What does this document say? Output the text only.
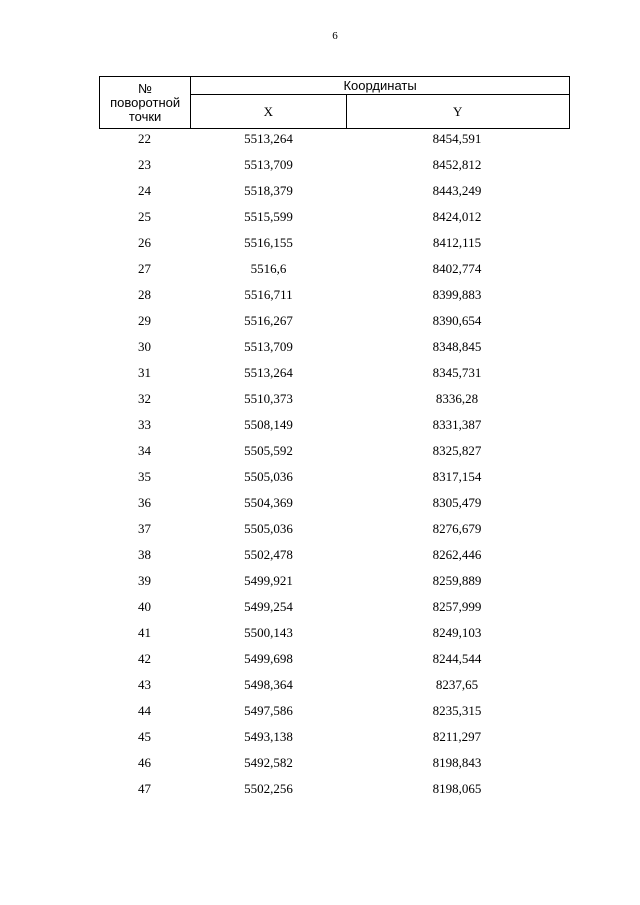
6
№
поворотной
точки	Координаты	
	X	Y
22	5513,264	8454,591
23	5513,709	8452,812
24	5518,379	8443,249
25	5515,599	8424,012
26	5516,155	8412,115
27	5516,6	8402,774
28	5516,711	8399,883
29	5516,267	8390,654
30	5513,709	8348,845
31	5513,264	8345,731
32	5510,373	8336,28
33	5508,149	8331,387
34	5505,592	8325,827
35	5505,036	8317,154
36	5504,369	8305,479
37	5505,036	8276,679
38	5502,478	8262,446
39	5499,921	8259,889
40	5499,254	8257,999
41	5500,143	8249,103
42	5499,698	8244,544
43	5498,364	8237,65
44	5497,586	8235,315
45	5493,138	8211,297
46	5492,582	8198,843
47	5502,256	8198,065
